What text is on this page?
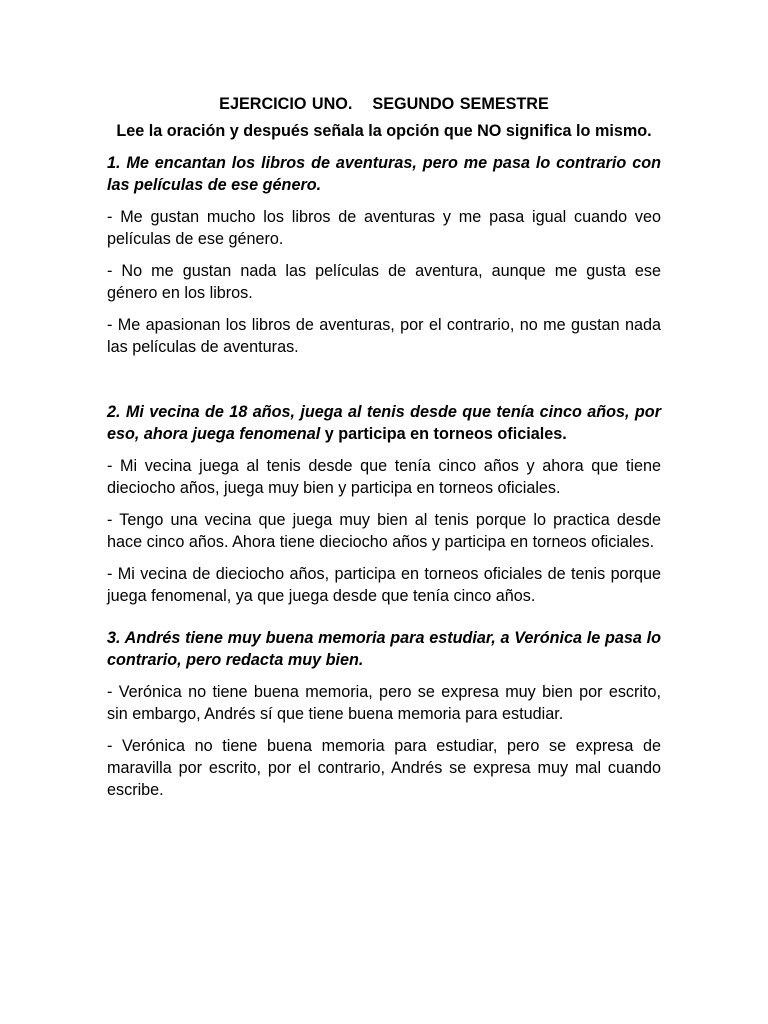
EJERCICIO UNO. SEGUNDO SEMESTRE

Lee la oración y después señala la opción que NO significa lo mismo.

1. Me encantan los libros de aventuras, pero me pasa lo contrario con las películas de ese género.

- Me gustan mucho los libros de aventuras y me pasa igual cuando veo películas de ese género.

- No me gustan nada las películas de aventura, aunque me gusta ese género en los libros.

- Me apasionan los libros de aventuras, por el contrario, no me gustan nada las películas de aventuras.

2. Mi vecina de 18 años, juega al tenis desde que tenía cinco años, por eso, ahora juega fenomenal y participa en torneos oficiales.

- Mi vecina juega al tenis desde que tenía cinco años y ahora que tiene dieciocho años, juega muy bien y participa en torneos oficiales.

- Tengo una vecina que juega muy bien al tenis porque lo practica desde hace cinco años. Ahora tiene dieciocho años y participa en torneos oficiales.

- Mi vecina de dieciocho años, participa en torneos oficiales de tenis porque juega fenomenal, ya que juega desde que tenía cinco años.

3. Andrés tiene muy buena memoria para estudiar, a Verónica le pasa lo contrario, pero redacta muy bien.

- Verónica no tiene buena memoria, pero se expresa muy bien por escrito, sin embargo, Andrés sí que tiene buena memoria para estudiar.

- Verónica no tiene buena memoria para estudiar, pero se expresa de maravilla por escrito, por el contrario, Andrés se expresa muy mal cuando escribe.
